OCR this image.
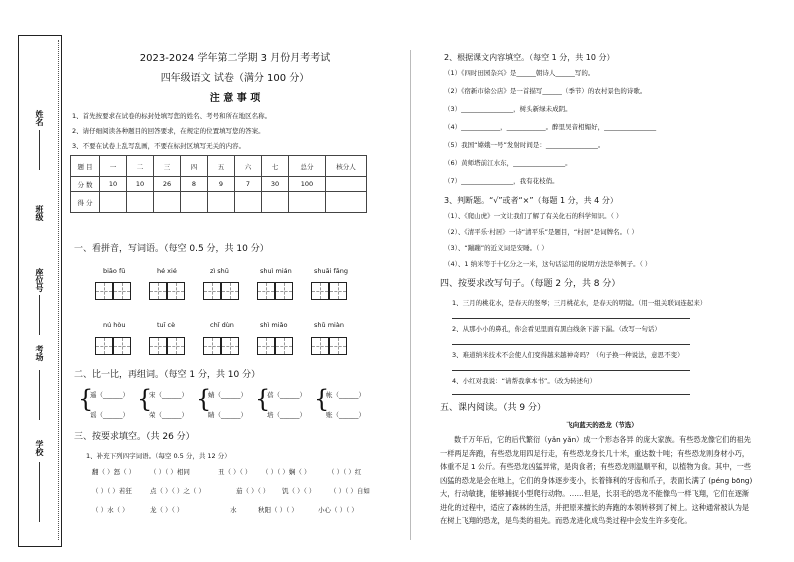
姓名
班级
座位号
考场
学校
2023-2024 学年第二学期 3 月份月考考试
四年级语文 试卷（满分 100 分）
注 意 事 项
1、首先按要求在试卷的标封处填写您的姓名、考号和所在地区名称。
2、请仔细阅读各种题目的回答要求，在规定的位置填写您的答案。
3、不要在试卷上乱写乱画，不要在标封区填写无关的内容。
题 目	一	二	三	四	五	六	七	总分	核分人
分 数	10	10	26	8	9	7	30	100	
得 分									
一、看拼音，写词语。（每空 0.5 分，共 10 分）
biāo fū	hé xié	zì shū	shuì mián	shuāi fāng
nú hòu	tuī cè	chǐ dùn	shì miǎo	shǔ miàn
二、比一比，再组词。（每空 1 分，共 10 分）
{
遥（______）
谣（______）
{
宋（______）
荣（______）
{
蜻（______）
睛（______）
{
蓓（______）
培（______）
{
帐（______）
账（______）
三、按要求填空。（共 26 分）
1、补充下列四字词语。（每空 0.5 分，共 12 分）
翻（ ）怒（ ） （ ）（ ）相同	丑（ ）（ ） （ ）（ ）娴（ ）	（ ）（ ）红
（ ）（ ）若狂	点（ ）（ ）之（ ）	茄（ ）（ ） 饥（ ）（ ） （ ）（ ）自如
（ ）水（ ）	龙（ ）（ ）	水	秋阳（ ）（ ）	小心（ ）（ ）
2、根据课文内容填空。（每空 1 分，共 10 分）
（1）《四时田园杂兴》是______朝诗人______写的。
（2）《宿新市徐公店》是一首描写______（季节）的农村景色的诗歌。
（3）________________，树头新绿未成阴。
（4）____________，____________。醉里吴音相媚好，________________
（5）我国“嫦娥一号”发射时间是：________________。
（6）黄师塔前江水东，________________。
（7）________________，我有花枝俏。
3、判断题。“√”或者“×”（每题 1 分，共 4 分）
（1）、《爬山虎》一文让我们了解了有关化石的科学知识。（ ）
（2）、《清平乐·村居》一诗“清平乐”是题目，“村居”是词牌名。（ ）
（3）、“蹦蹦”的近义词是安睡。（ ）
（4）、1 纳米等于十亿分之一米，这句话运用的说明方法是举例子。（ ）
四、按要求改写句子。（每题 2 分，共 8 分）
1、三月的桃花水，是春天的竖琴；三月桃花水，是春天的明镜。（用一组关联词连起来）
2、从那小小的鼻孔，你会看见里面有黑白线条下游下漏。（改写一句话）
3、难道纳米技术不会使人们变得越来越神奇吗？（句子换一种说法，意思不变）
4、小红对我说：“请帮我拿本书”。（改为转述句）
五、课内阅读。（共 9 分）
飞向蓝天的恐龙（节选）
数千万年后，它的后代繁衍（yǎn yǎn）成一个形态各异 的庞大家族。有些恐龙像它们的祖先一样两足奔跑，有些恐龙用四足行走，有些恐龙身长几十米，重达数十吨；有些恐龙则身材小巧，体重不足 1 公斤。有些恐龙凶猛异常，是肉食者；有些恐龙则温顺平和，以植物为食。其中，一些凶猛的恐龙是会在地上，它们的身体逐步变小，长着锋利的牙齿和爪子，表面长满了 (péng bōng) 大，行动敏捷，能够捕捉小型爬行动物。……但是，长羽毛的恐龙不能像鸟一样飞翔，它们在逐渐进化的过程中，适应了森林的生活，并把原来擅长的奔跑的本领转移到了树上。这种通常被认为是在树上飞翔的恐龙，是鸟类的祖先。而恐龙进化成鸟类过程中会发生许多变化。
